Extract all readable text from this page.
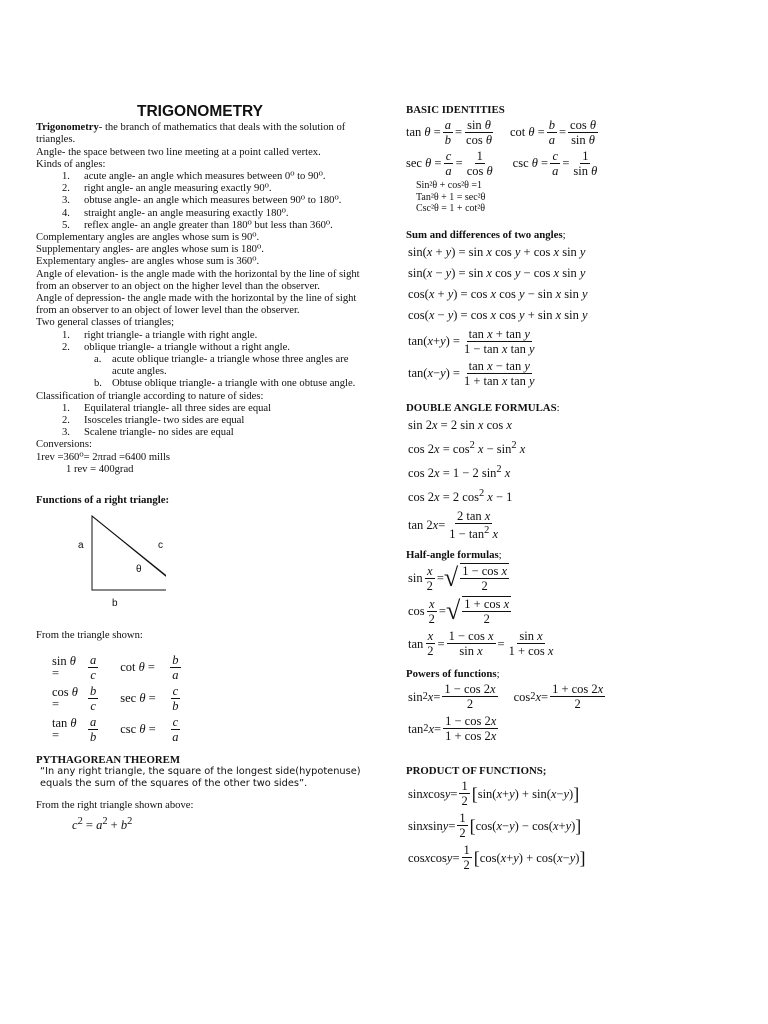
TRIGONOMETRY
Trigonometry- the branch of mathematics that deals with the solution of triangles.
Angle- the space between two line meeting at a point called vertex.
Kinds of angles:
1. acute angle- an angle which measures between 0⁰ to 90⁰.
2. right angle- an angle measuring exactly 90⁰.
3. obtuse angle- an angle which measures between 90⁰ to 180⁰.
4. straight angle- an angle measuring exactly 180⁰.
5. reflex angle- an angle greater than 180⁰ but less than 360⁰.
Complementary angles are angles whose sum is 90⁰.
Supplementary angles- are angles whose sum is 180⁰.
Explementary angles- are angles whose sum is 360⁰.
Angle of elevation- is the angle made with the horizontal by the line of sight from an observer to an object on the higher level than the observer.
Angle of depression- the angle made with the horizontal by the line of sight from an observer to an object of lower level than the observer.
Two general classes of triangles;
1. right triangle- a triangle with right angle.
2. oblique triangle- a triangle without a right angle.
a. acute oblique triangle- a triangle whose three angles are acute angles.
b. Obtuse oblique triangle- a triangle with one obtuse angle.
Classification of triangle according to nature of sides:
1. Equilateral triangle- all three sides are equal
2. Isosceles triangle- two sides are equal
3. Scalene triangle- no sides are equal
Conversions:
1rev =360⁰= 2πrad =6400 mills
1 rev = 400grad
Functions of a right triangle:
a	c
θ
b
From the triangle shown:
sin θ =	$\frac{a}{c}$ cot θ =	$\frac{b}{a}$
cos θ =	$\frac{b}{c}$ sec θ =	$\frac{c}{b}$
tan θ =	$\frac{a}{b}$ csc θ =	$\frac{c}{a}$
PYTHAGOREAN THEOREM
“In any right triangle, the square of the longest side(hypotenuse) equals the sum of the squares of the other two sides”.
From the right triangle shown above:
$c^2 = a^2 + b^2$
BASIC IDENTITIES
$\tan \theta = \frac{a}{b} = \sin \theta$
cos θ
$\cot \theta = \frac{b}{a} = \cos \theta$
sin θ
$\sec \theta = \frac{c}{a} = 1$
cos θ
$\csc \theta = \frac{c}{a} = 1$
sin θ
Sin²θ + cos²θ =1
Tan²θ + 1 = sec²θ
Csc²θ = 1 + cot²θ
Sum and differences of two angles;
sin(x + y) = sin x cos y + cos x sin y
sin(x − y) = sin x cos y − cos x sin y
cos(x + y) = cos x cos y − sin x sin y
cos(x − y) = cos x cos y + sin x sin y
tan( x + y ) =
tan x + tan y
1 − tan x tan y
tan( x − y ) =
tan x − tan y
1 + tan x tan y
DOUBLE ANGLE FORMULAS:
sin 2x = 2 sin x cos x
$\cos 2x = \cos^2 x - \sin^2 x$
cos 2x = 1 − 2 $\sin^2 x$
cos 2x = 2 $\cos^2 x - 1$
tan 2 x =
2 tan x
$1 - \tan^2 x$
Half-angle formulas;
sin
x
2
= √ 1 − cos x
2
cos
x
2
= √ 1 + cos x
2
tan
x
2
=
1 − cos x
sin x
=
sin x
1 + cos x
Powers of functions;
sin 2 x =
1 − cos 2x
2
cos 2 x =
1 + cos 2x
2
tan 2 x =
1 − cos 2x
1 + cos 2x
PRODUCT OF FUNCTIONS;
sin x cos y =
1
2 [ sin( x + y ) + sin( x − y ) ]
sin x sin y =
1
2 [ cos( x − y ) − cos( x + y ) ]
cos x cos y =
1
2 [ cos( x + y ) + cos( x − y ) ]
